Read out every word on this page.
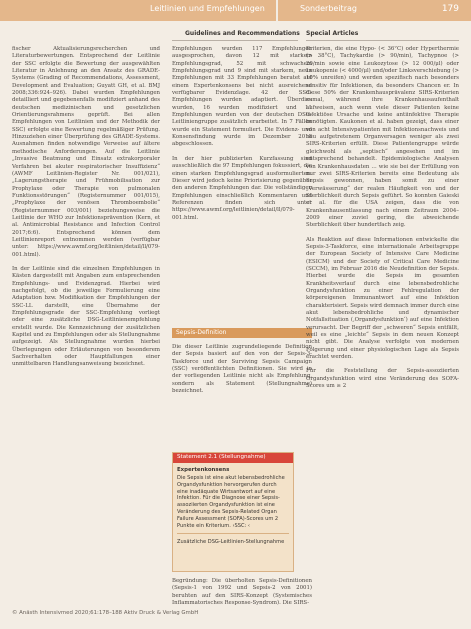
Leitlinien und Empfehlungen	Sonderbeitrag	179
Guidelines and Recommendations Special Articles

fischer Aktualisierungsrecherchen und Literaturbewertungen. Entsprechend der Leitlinie der SSC erfolgte die Bewertung der ausgewählten Literatur in Anlehnung an den Ansatz des GRADE-Systems (Grading of Recommendations, Assessment, Development and Evaluation; Guyatt GH, et al. BMJ 2008;336:924–926). Dabei wurden Empfehlungen detailliert und gegebenenfalls modifiziert anhand des deutschen medizinischen und gesetzlichen Orientierungsrahmens geprüft. Bei allen Empfehlungen von Leitlinien und der Methodik der SSC) erfolgte eine Bewertung regelmäßiger Prüfung. Hinzuziehen einer Überprüfung des GRADE-Systems. Ausnahmen finden notwendige Verweise auf ältere methodische Anforderungen. Auf die Leitlinie „Invasive Beatmung und Einsatz extrakorporaler Verfahren bei akuter respiratorischer Insuffizienz“ (AWMF Leitlinien-Register Nr. 001/021), „Lagerungstherapie und Frühmobilisation zur Prophylaxe oder Therapie von pulmonalen Funktionsstörungen“ (Registernummer 001/015), „Prophylaxe der venösen Thromboembolie“ (Registernummer 003/001) beziehungsweise die Leitlinie der WHO zur Infektionsprävention (Kern, et al. Antimicrobial Resistance and Infection Control 2017;6:6). Entsprechend können dem Leitlinienreport entnommen werden (verfügbar unter: https://www.awmf.org/leitlinien/detail/ll/079-001.html).

In der Leitlinie sind die einzelnen Empfehlungen in Kästen dargestellt mit Angaben zum entsprechenden Empfehlungs- und Evidenzgrad. Hierbei wird nachgefolgt, ob die jeweilige Formulierung eine Adaptation bzw. Modifikation der Empfehlungen der SSC-LL darstellt, eine Übernahme der Empfehlungsgrade der SSC-Empfehlung vorliegt oder eine zusätzliche DSG-Leitlinienempfehlung erstellt wurde. Die Kennzeichnung der zusätzlichen Kapitel und zu Empfehlungen oder als Stellungnahme aufgezeigt. Als Stellungnahme wurden hierbei Überlegungen oder Erläuterungen von besonderem Sachverhalten oder Hauptfallungen einer unmittelbaren Handlungsanweisung bezeichnet.

Empfehlungen wurden 117 Empfehlungen ausgesprochen, davon 12 mit starkem Empfehlungsgrad, 52 mit schwachem Empfehlungsgrad und 9 sind mit starkem, neun Empfehlungen mit 33 Empfehlungen beratet auf einem Expertenkonsens bei nicht ausreichend verfügbarer Evidenzlage. 42 der SSC-Empfehlungen wurden adaptiert. Überdies wurden, 16 wurden modifiziert und 11 Empfehlungen wurden von der deutschen DSG-Leitliniengruppe zusätzlich erarbeitet. In 7 Fällen wurde ein Statement formuliert. Die Evidenz- und Konsensfindung wurde im Dezember 2018 abgeschlossen.

In der hier publizierten Kurzfassung sind ausschließlich die 97 Empfehlungen fokussiert, die einen starken Empfehlungsgrad ausformulierten. Dieser wird jedoch keine Priorisierung gegenüber den anderen Empfehlungen dar. Die vollständigen Empfehlungen einschließlich Kommentaren und Referenzen finden sich unter https://www.awmf.org/leitlinien/detail/ll/079-001.html.

Sepsis-Definition

Die dieser Leitlinie zugrundeliegende Definition der Sepsis basiert auf den von der Sepsis-3-Taskforce und der Surviving Sepsis Campaign (SSC) veröffentlichten Definitionen. Sie wird in der vorliegenden Leitlinie nicht als Empfehlung, sondern als Statement (Stellungnahme) bezeichnet.

Statement 2.1 (Stellungnahme)
Expertenkonsens
Die Sepsis ist eine akut lebensbedrohliche Organdysfunktion hervorgerufen durch eine inadäquate Wirtsantwort auf eine Infektion. Für die Diagnose einer Sepsis-assoziierten Organdysfunktion ist eine Veränderung des Sepsis-Related Organ Failure Assessment (SOFA)-Scores um 2 Punkte ein Kriterium. ›SSC: ‹
Zusätzliche DSG-Leitlinien-Stellungnahme

Begründung: Die überholten Sepsis-Definitionen (Sepsis-1 von 1992 und Sepsis-2 von 2001) beruhten auf den SIRS-Konzept (Systemisches Inflammatorisches Response-Syndrom). Die SIRS-

Kriterien, die eine Hypo- (< 36°C) oder Hyperthermie (> 38°C), Tachykardie (> 90/min), Tachypnoe (> 20/min sowie eine Leukozytose (> 12 000/μl) oder Leukopenie (< 4000/μl) und/oder Linksverschiebung (> 10% unreifen) und werden spezifisch nach besonders sensitiv für Infektionen, da besonders Chancen er. In diese 50% der Krankenhausprävalenz SIRS-Kriterien zumal, während ihre Krankenhausaufenthalt aufweisen, auch wenn viele dieser Patienten keine infektiöse Ursache und keine antiinfektive Therapie benötigten. Kaukonen et al. haben gezeigt, dass einer von acht Intensivpatienten mit Infektionsnachweis und neu aufgetretenem Organversagen weniger als zwei SIRS-Kriterien erfüllt. Diese Patientengruppe würde gleichwohl als „septisch“ angesehen und im entsprechend behandelt. Epidemiologische Analysen von Krankenhausdaten … wie sie bei der Erfüllung von nur zwei SIRS-Kriterien bereits eine Bedeutung als Sepsis gewonnen, haben somit zu einer „Verwässerung“ der realen Häufigkeit von und der Sterblichkeit durch Sepsis geführt. So konnten Gaieski et al. für die USA zeigen, dass die von Krankenhausentlassung nach einem Zeitraum 2004–2009 einer zuviel gering, die abweichende Sterblichkeit über hundertfach zeig.

Als Reaktion auf diese Informationen entwickelte die Sepsis-3-Taskforce, eine internationale Arbeitsgruppe der European Society of Intensive Care Medicine (ESICM) und der Society of Critical Care Medicine (SCCM), im Februar 2016 die Neudefinition der Sepsis. Hierbei wurde die Sepsis im gesamten Krankheitsverlauf durch eine lebensbedrohliche Organdysfunktion zu einer Fehlregulation der körpereigenen Immunantwort auf eine Infektion charakterisiert. Sepsis wird demnach immer durch eine akut lebensbedrohliche und dynamischer Notfallsituation (‚Organdysfunktion‘) auf eine Infektion verursacht. Der Begriff der „schweren“ Sepsis entfällt, weil es eine „leichte“ Sepsis in dem neuen Konzept nicht gibt. Die Analyse verfolgte von modernen Folgerung und einer physiologischen Lage als Sepsis erachtet werden.

Für die Feststellung der Sepsis-assoziierten Organdysfunktion wird eine Veränderung des SOFA-Scores um ≥ 2

© Anästh Intensivmed 2020;61:178–188 Aktiv Druck & Verlag GmbH
